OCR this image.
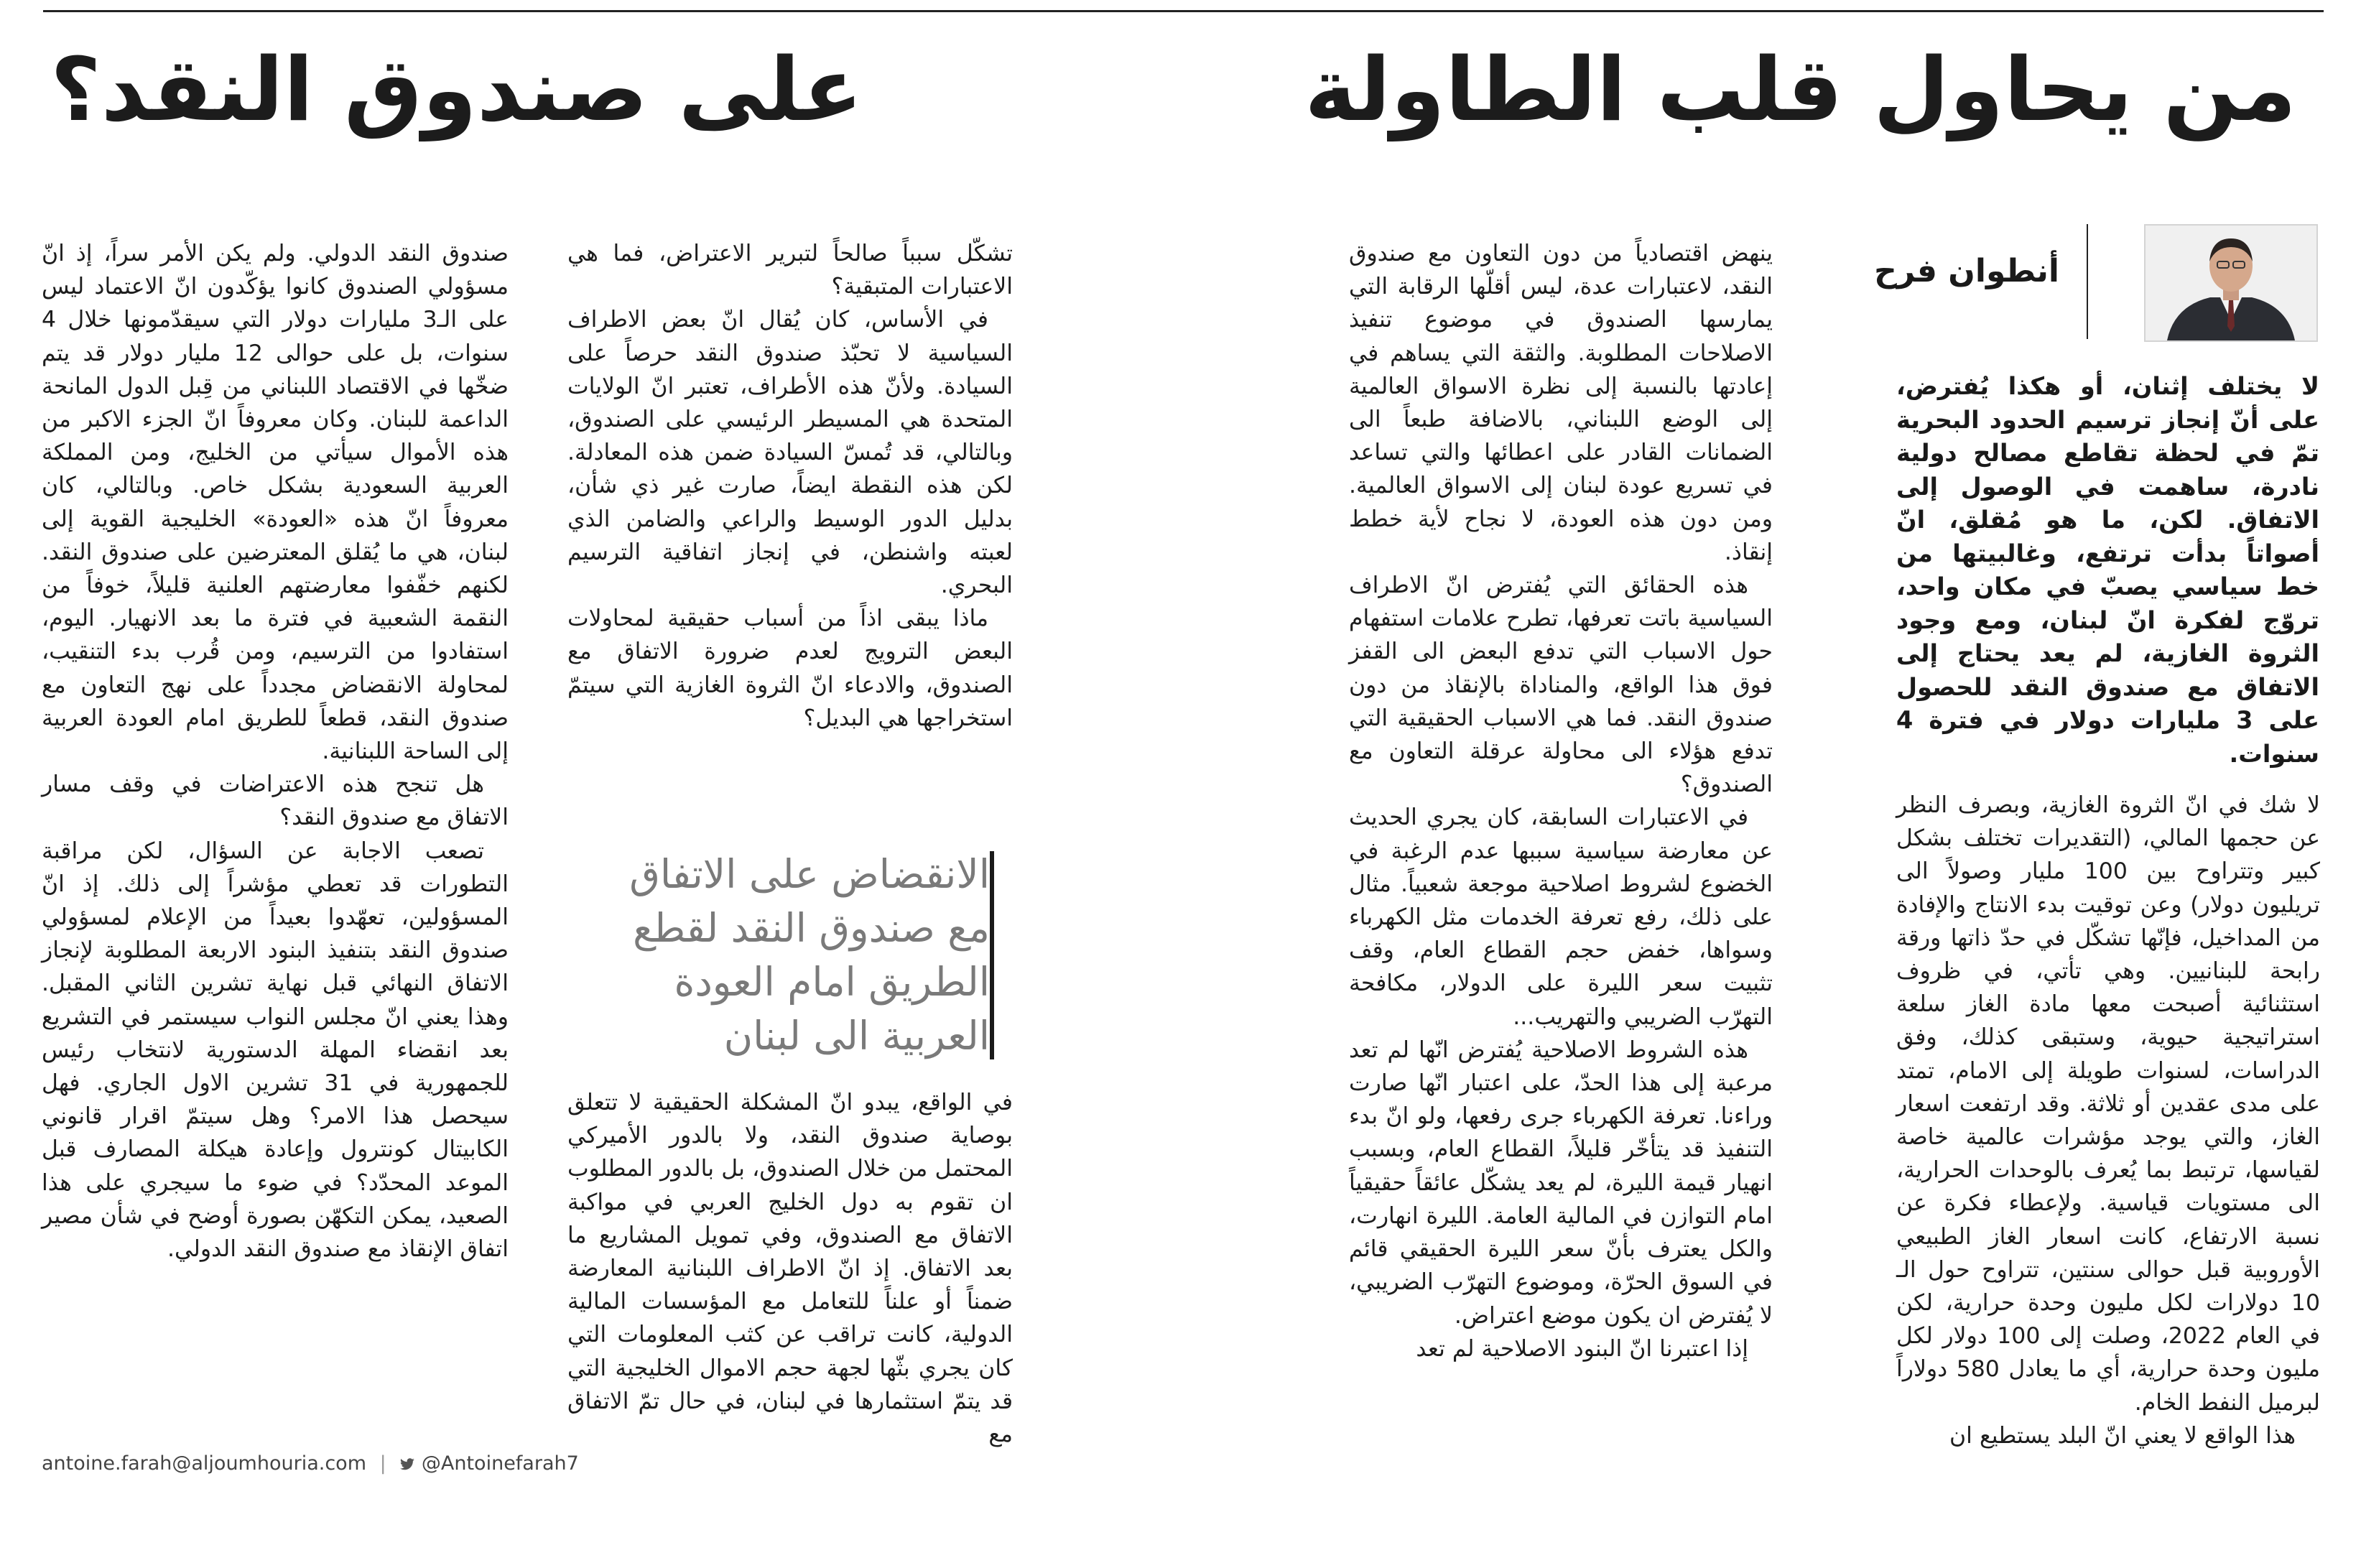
من يحاول قلب الطاولة
على صندوق النقد؟
أنطوان فرح
لا يختلف إثنان، أو هكذا يُفترض، على أنّ إنجاز ترسيم الحدود البحرية تمّ في لحظة تقاطع مصالح دولية نادرة، ساهمت في الوصول إلى الاتفاق. لكن، ما هو مُقلق، انّ أصواتاً بدأت ترتفع، وغالبيتها من خط سياسي يصبّ في مكان واحد، تروّج لفكرة انّ لبنان، ومع وجود الثروة الغازية، لم يعد يحتاج إلى الاتفاق مع صندوق النقد للحصول على 3 مليارات دولار في فترة 4 سنوات.

لا شك في انّ الثروة الغازية، وبصرف النظر عن حجمها المالي، (التقديرات تختلف بشكل كبير وتتراوح بين 100 مليار وصولاً الى تريليون دولار) وعن توقيت بدء الانتاج والإفادة من المداخيل، فإنّها تشكّل في حدّ ذاتها ورقة رابحة للبنانيين. وهي تأتي، في ظروف استثنائية أصبحت معها مادة الغاز سلعة استراتيجية حيوية، وستبقى كذلك، وفق الدراسات، لسنوات طويلة إلى الامام، تمتد على مدى عقدين أو ثلاثة. وقد ارتفعت اسعار الغاز، والتي يوجد مؤشرات عالمية خاصة لقياسها، ترتبط بما يُعرف بالوحدات الحرارية، الى مستويات قياسية. ولإعطاء فكرة عن نسبة الارتفاع، كانت اسعار الغاز الطبيعي الأوروبية قبل حوالى سنتين، تتراوح حول الـ 10 دولارات لكل مليون وحدة حرارية، لكن في العام 2022، وصلت إلى 100 دولار لكل مليون وحدة حرارية، أي ما يعادل 580 دولاراً لبرميل النفط الخام.

هذا الواقع لا يعني انّ البلد يستطيع ان

ينهض اقتصادياً من دون التعاون مع صندوق النقد، لاعتبارات عدة، ليس أقلّها الرقابة التي يمارسها الصندوق في موضوع تنفيذ الاصلاحات المطلوبة. والثقة التي يساهم في إعادتها بالنسبة إلى نظرة الاسواق العالمية إلى الوضع اللبناني، بالاضافة طبعاً الى الضمانات القادر على اعطائها والتي تساعد في تسريع عودة لبنان إلى الاسواق العالمية. ومن دون هذه العودة، لا نجاح لأية خطط إنقاذ.

هذه الحقائق التي يُفترض انّ الاطراف السياسية باتت تعرفها، تطرح علامات استفهام حول الاسباب التي تدفع البعض الى القفز فوق هذا الواقع، والمناداة بالإنقاذ من دون صندوق النقد. فما هي الاسباب الحقيقية التي تدفع هؤلاء الى محاولة عرقلة التعاون مع الصندوق؟

في الاعتبارات السابقة، كان يجري الحديث عن معارضة سياسية سببها عدم الرغبة في الخضوع لشروط اصلاحية موجعة شعبياً. مثال على ذلك، رفع تعرفة الخدمات مثل الكهرباء وسواها، خفض حجم القطاع العام، وقف تثبيت سعر الليرة على الدولار، مكافحة التهرّب الضريبي والتهريب...

هذه الشروط الاصلاحية يُفترض انّها لم تعد مرعبة إلى هذا الحدّ، على اعتبار انّها صارت وراءنا. تعرفة الكهرباء جرى رفعها، ولو انّ بدء التنفيذ قد يتأخّر قليلاً، القطاع العام، وبسبب انهيار قيمة الليرة، لم يعد يشكّل عائقاً حقيقياً امام التوازن في المالية العامة. الليرة انهارت، والكل يعترف بأنّ سعر الليرة الحقيقي قائم في السوق الحرّة، وموضوع التهرّب الضريبي، لا يُفترض ان يكون موضع اعتراض.

إذا اعتبرنا انّ البنود الاصلاحية لم تعد

تشكّل سبباً صالحاً لتبرير الاعتراض، فما هي الاعتبارات المتبقية؟

في الأساس، كان يُقال انّ بعض الاطراف السياسية لا تحبّذ صندوق النقد حرصاً على السيادة. ولأنّ هذه الأطراف، تعتبر انّ الولايات المتحدة هي المسيطر الرئيسي على الصندوق، وبالتالي، قد تُمسّ السيادة ضمن هذه المعادلة. لكن هذه النقطة ايضاً، صارت غير ذي شأن، بدليل الدور الوسيط والراعي والضامن الذي لعبته واشنطن، في إنجاز اتفاقية الترسيم البحري.

ماذا يبقى اذاً من أسباب حقيقية لمحاولات البعض الترويج لعدم ضرورة الاتفاق مع الصندوق، والادعاء انّ الثروة الغازية التي سيتمّ استخراجها هي البديل؟

الانقضاض على الاتفاق مع صندوق النقد لقطع الطريق امام العودة العربية الى لبنان

في الواقع، يبدو انّ المشكلة الحقيقية لا تتعلق بوصاية صندوق النقد، ولا بالدور الأميركي المحتمل من خلال الصندوق، بل بالدور المطلوب ان تقوم به دول الخليج العربي في مواكبة الاتفاق مع الصندوق، وفي تمويل المشاريع ما بعد الاتفاق. إذ انّ الاطراف اللبنانية المعارضة ضمناً أو علناً للتعامل مع المؤسسات المالية الدولية، كانت تراقب عن كثب المعلومات التي كان يجري بثّها لجهة حجم الاموال الخليجية التي قد يتمّ استثمارها في لبنان، في حال تمّ الاتفاق مع

صندوق النقد الدولي. ولم يكن الأمر سراً، إذ انّ مسؤولي الصندوق كانوا يؤكّدون انّ الاعتماد ليس على الـ3 مليارات دولار التي سيقدّمونها خلال 4 سنوات، بل على حوالى 12 مليار دولار قد يتم ضخّها في الاقتصاد اللبناني من قِبل الدول المانحة الداعمة للبنان. وكان معروفاً انّ الجزء الاكبر من هذه الأموال سيأتي من الخليج، ومن المملكة العربية السعودية بشكل خاص. وبالتالي، كان معروفاً انّ هذه «العودة» الخليجية القوية إلى لبنان، هي ما يُقلق المعترضين على صندوق النقد. لكنهم خفّفوا معارضتهم العلنية قليلاً، خوفاً من النقمة الشعبية في فترة ما بعد الانهيار. اليوم، استفادوا من الترسيم، ومن قُرب بدء التنقيب، لمحاولة الانقضاض مجدداً على نهج التعاون مع صندوق النقد، قطعاً للطريق امام العودة العربية إلى الساحة اللبنانية.

هل تنجح هذه الاعتراضات في وقف مسار الاتفاق مع صندوق النقد؟

تصعب الاجابة عن السؤال، لكن مراقبة التطورات قد تعطي مؤشراً إلى ذلك. إذ انّ المسؤولين، تعهّدوا بعيداً من الإعلام لمسؤولي صندوق النقد بتنفيذ البنود الاربعة المطلوبة لإنجاز الاتفاق النهائي قبل نهاية تشرين الثاني المقبل. وهذا يعني انّ مجلس النواب سيستمر في التشريع بعد انقضاء المهلة الدستورية لانتخاب رئيس للجمهورية في 31 تشرين الاول الجاري. فهل سيحصل هذا الامر؟ وهل سيتمّ اقرار قانوني الكابيتال كونترول وإعادة هيكلة المصارف قبل الموعد المحدّد؟ في ضوء ما سيجري على هذا الصعيد، يمكن التكهّن بصورة أوضح في شأن مصير اتفاق الإنقاذ مع صندوق النقد الدولي.

antoine.farah@aljoumhouria.com | @Antoinefarah7
